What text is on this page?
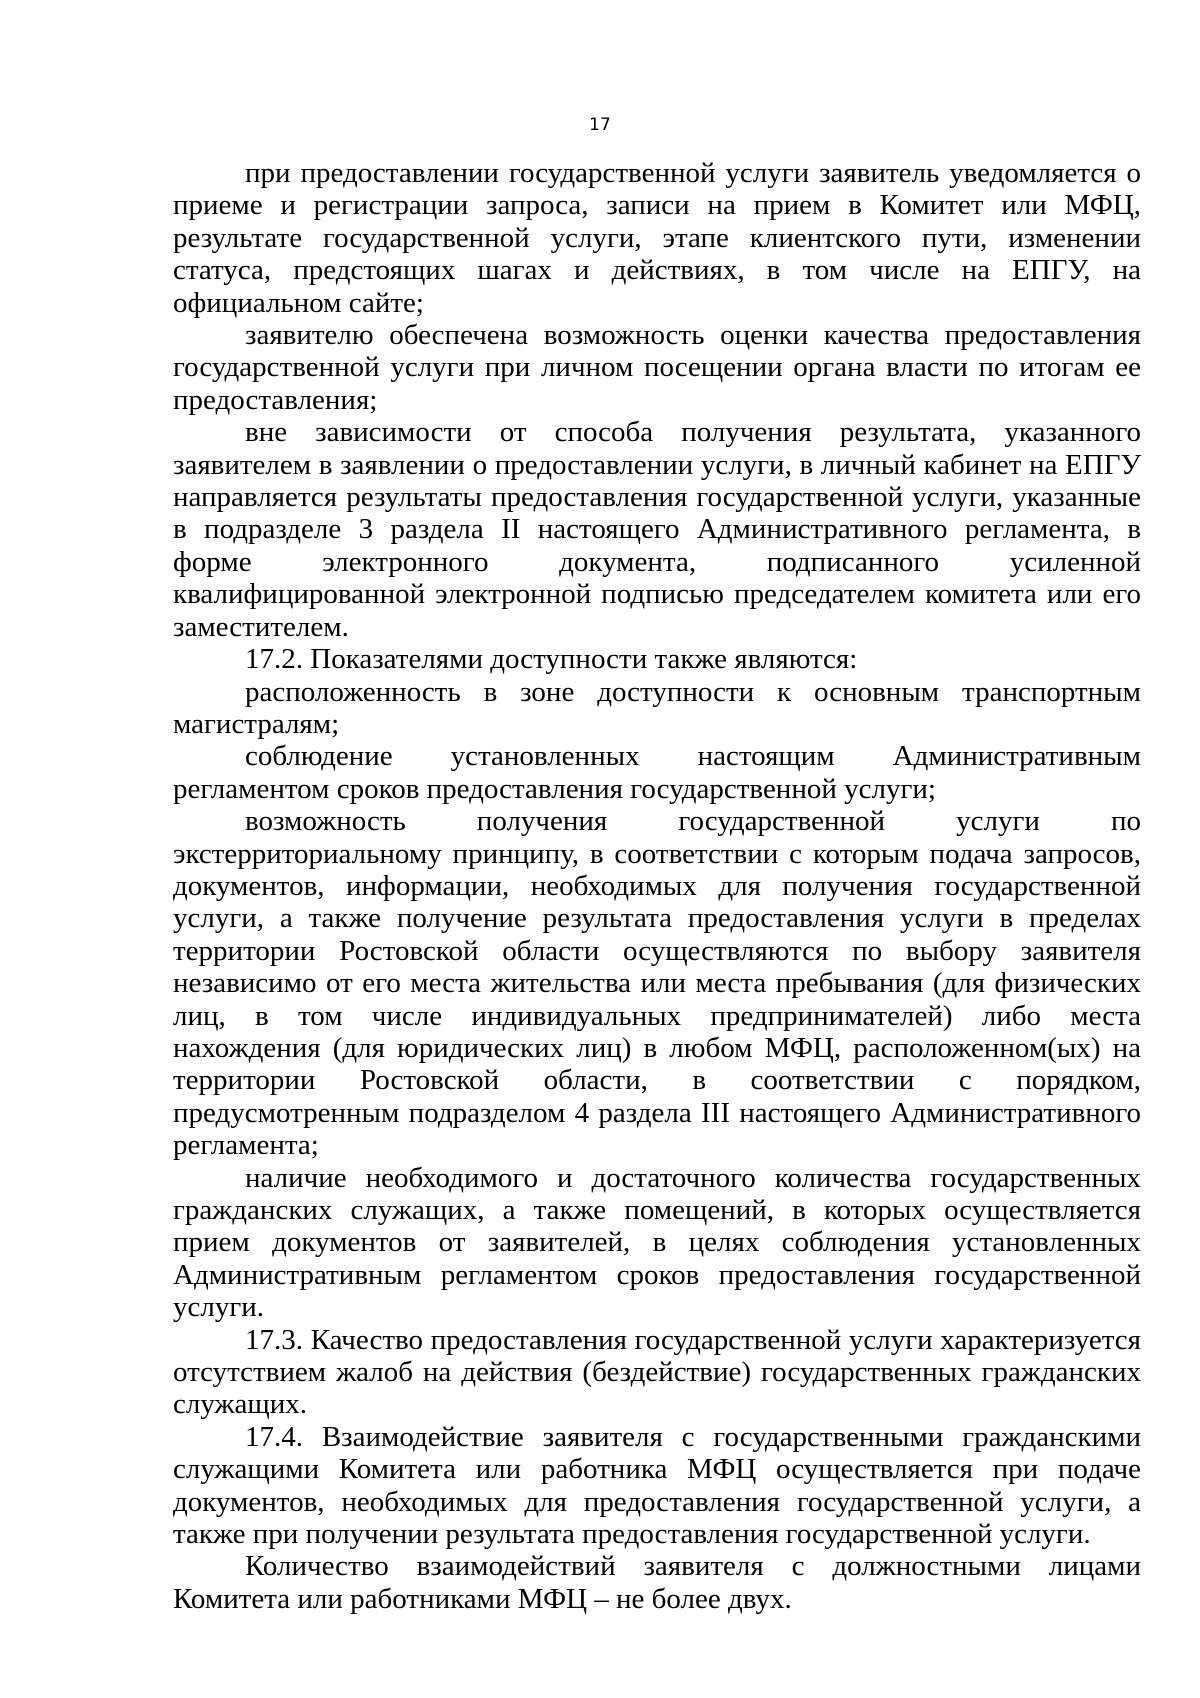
17

при предоставлении государственной услуги заявитель уведомляется о приеме и регистрации запроса, записи на прием в Комитет или МФЦ, результате государственной услуги, этапе клиентского пути, изменении статуса, предстоящих шагах и действиях, в том числе на ЕПГУ, на официальном сайте;

заявителю обеспечена возможность оценки качества предоставления государственной услуги при личном посещении органа власти по итогам ее предоставления;

вне зависимости от способа получения результата, указанного заявителем в заявлении о предоставлении услуги, в личный кабинет на ЕПГУ направляется результаты предоставления государственной услуги, указанные в подразделе 3 раздела II настоящего Административного регламента, в форме электронного документа, подписанного усиленной квалифицированной электронной подписью председателем комитета или его заместителем.

17.2. Показателями доступности также являются:

расположенность в зоне доступности к основным транспортным магистралям;

соблюдение установленных настоящим Административным регламентом сроков предоставления государственной услуги;

возможность получения государственной услуги по экстерриториальному принципу, в соответствии с которым подача запросов, документов, информации, необходимых для получения государственной услуги, а также получение результата предоставления услуги в пределах территории Ростовской области осуществляются по выбору заявителя независимо от его места жительства или места пребывания (для физических лиц, в том числе индивидуальных предпринимателей) либо места нахождения (для юридических лиц) в любом МФЦ, расположенном(ых) на территории Ростовской области, в соответствии с порядком, предусмотренным подразделом 4 раздела III настоящего Административного регламента;

наличие необходимого и достаточного количества государственных гражданских служащих, а также помещений, в которых осуществляется прием документов от заявителей, в целях соблюдения установленных Административным регламентом сроков предоставления государственной услуги.

17.3. Качество предоставления государственной услуги характеризуется отсутствием жалоб на действия (бездействие) государственных гражданских служащих.

17.4. Взаимодействие заявителя с государственными гражданскими служащими Комитета или работника МФЦ осуществляется при подаче документов, необходимых для предоставления государственной услуги, а также при получении результата предоставления государственной услуги.

Количество взаимодействий заявителя с должностными лицами Комитета или работниками МФЦ – не более двух.
